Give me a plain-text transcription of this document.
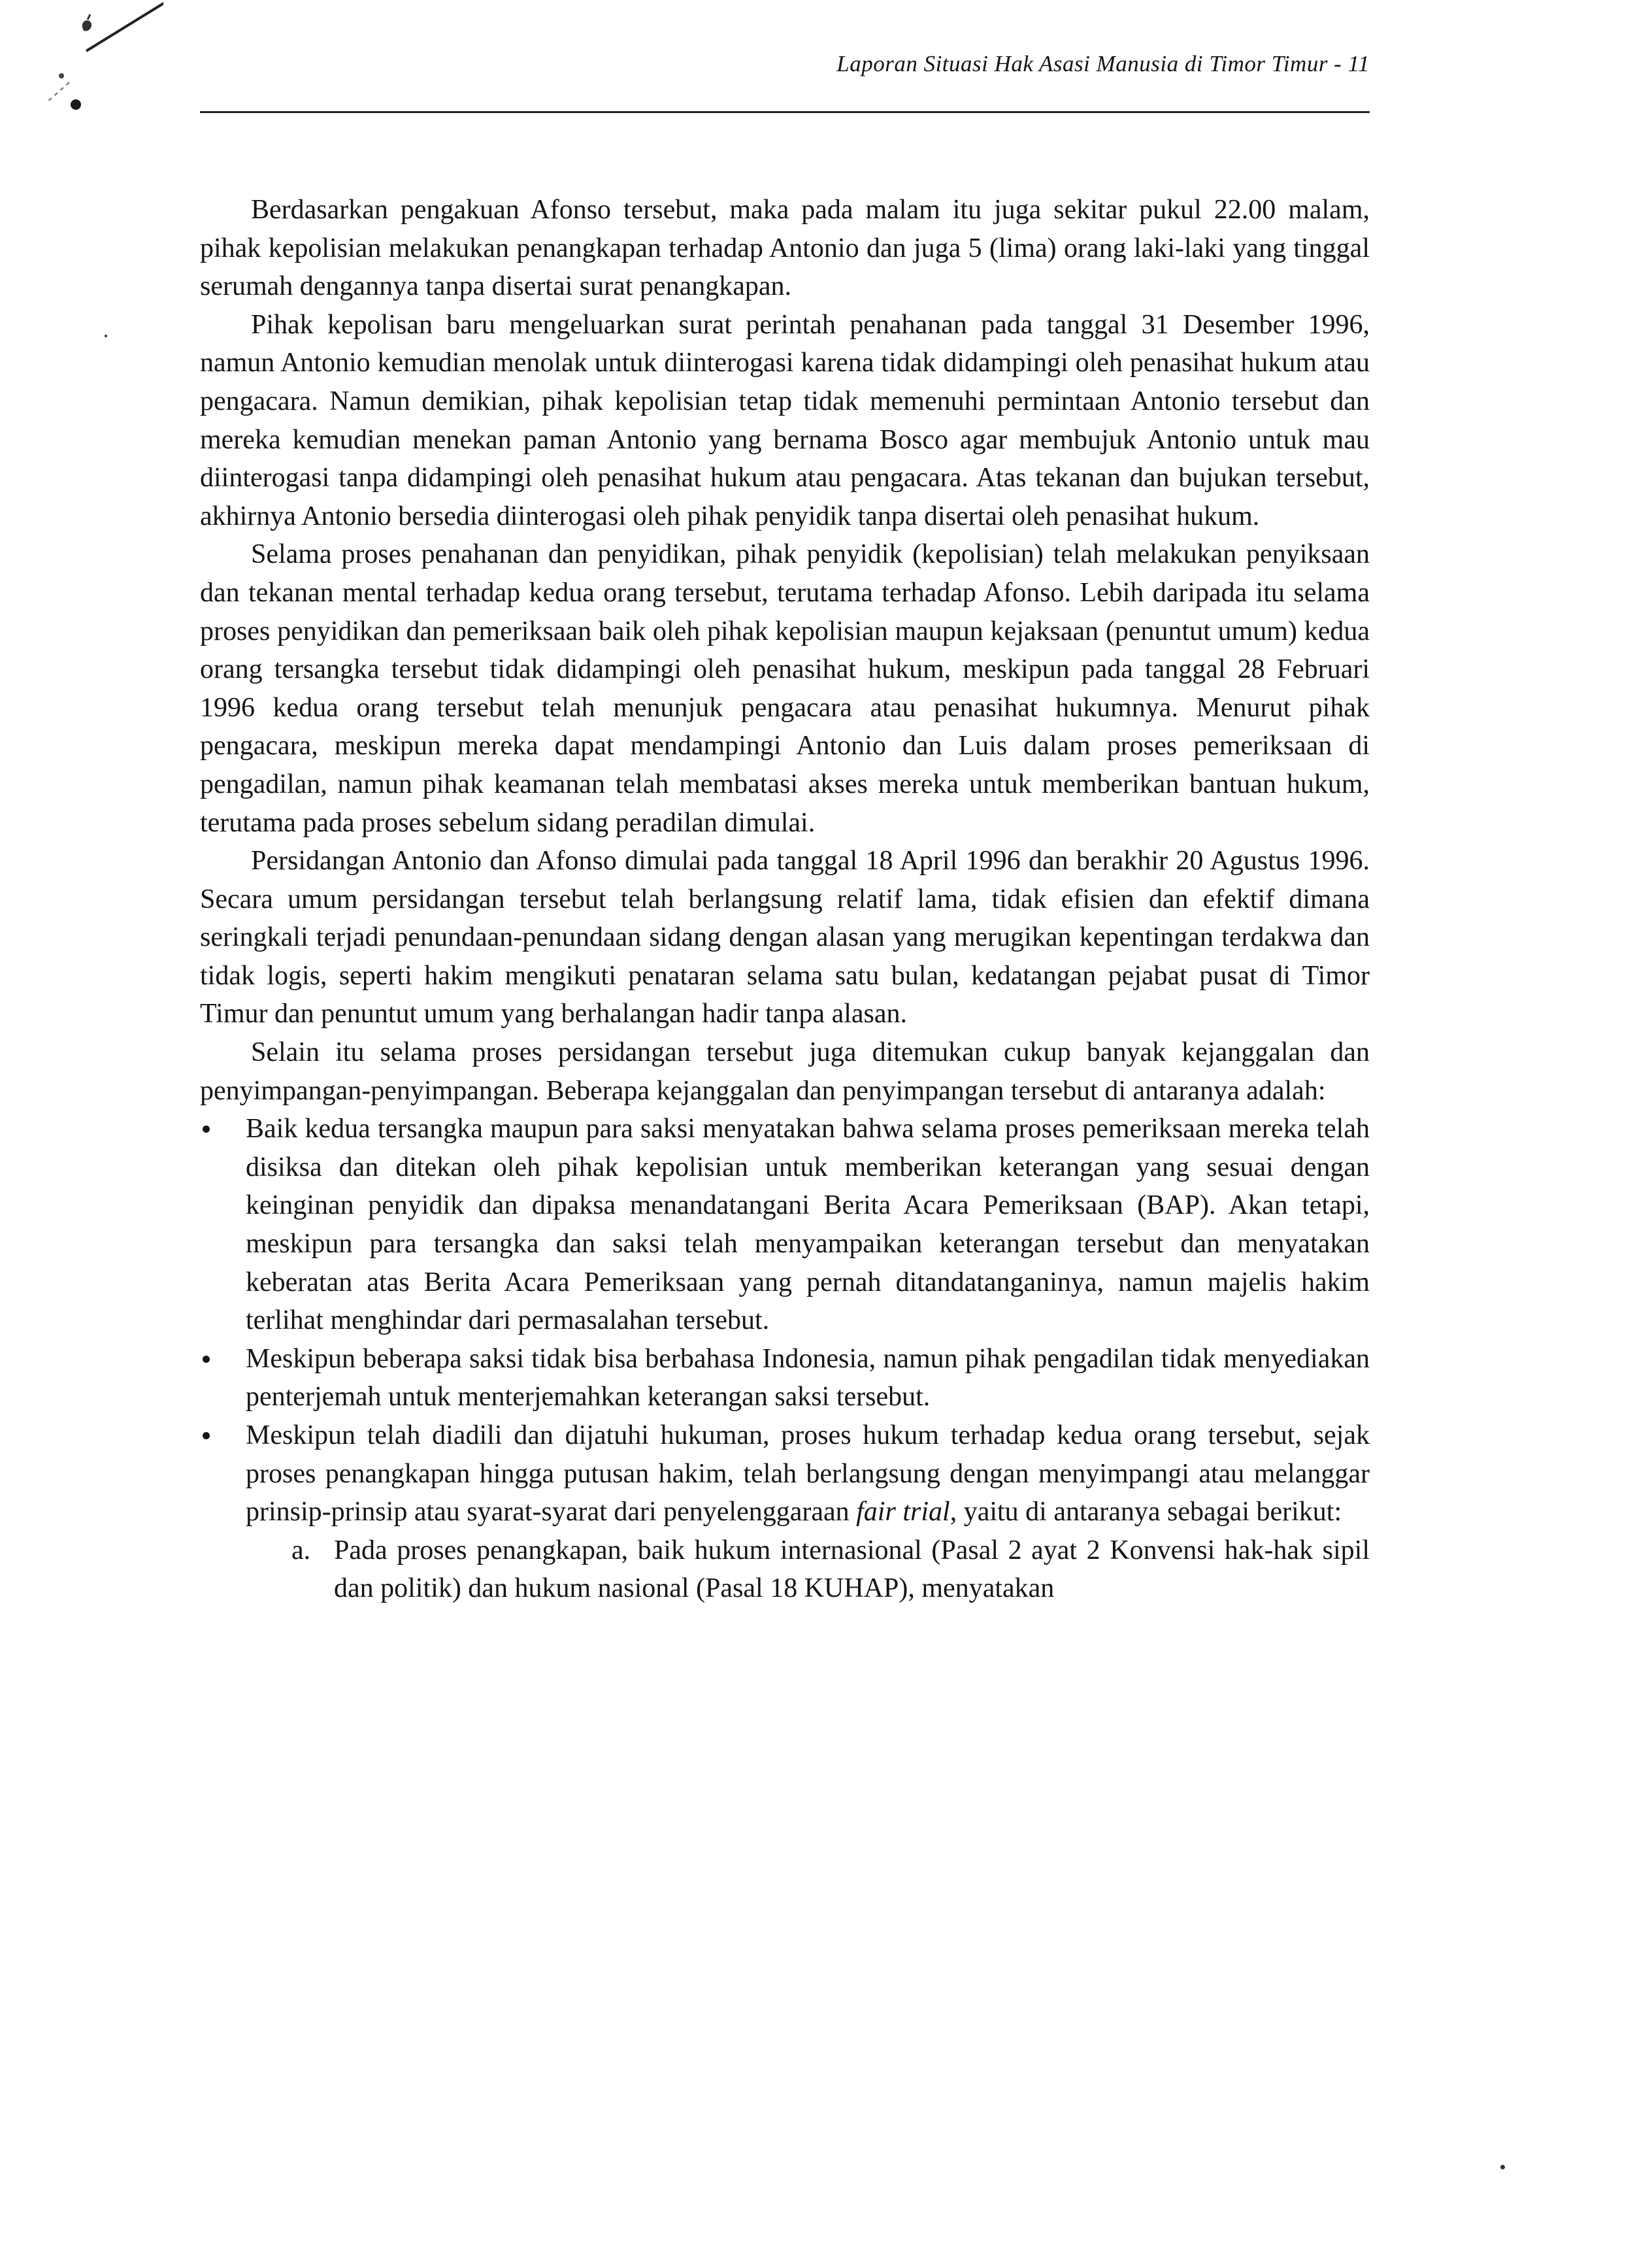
Laporan Situasi Hak Asasi Manusia di Timor Timur - 11

Berdasarkan pengakuan Afonso tersebut, maka pada malam itu juga sekitar pukul 22.00 malam, pihak kepolisian melakukan penangkapan terhadap Antonio dan juga 5 (lima) orang laki-laki yang tinggal serumah dengannya tanpa disertai surat penangkapan.

Pihak kepolisan baru mengeluarkan surat perintah penahanan pada tanggal 31 Desember 1996, namun Antonio kemudian menolak untuk diinterogasi karena tidak didampingi oleh penasihat hukum atau pengacara. Namun demikian, pihak kepolisian tetap tidak memenuhi permintaan Antonio tersebut dan mereka kemudian menekan paman Antonio yang bernama Bosco agar membujuk Antonio untuk mau diinterogasi tanpa didampingi oleh penasihat hukum atau pengacara. Atas tekanan dan bujukan tersebut, akhirnya Antonio bersedia diinterogasi oleh pihak penyidik tanpa disertai oleh penasihat hukum.

Selama proses penahanan dan penyidikan, pihak penyidik (kepolisian) telah melakukan penyiksaan dan tekanan mental terhadap kedua orang tersebut, terutama terhadap Afonso. Lebih daripada itu selama proses penyidikan dan pemeriksaan baik oleh pihak kepolisian maupun kejaksaan (penuntut umum) kedua orang tersangka tersebut tidak didampingi oleh penasihat hukum, meskipun pada tanggal 28 Februari 1996 kedua orang tersebut telah menunjuk pengacara atau penasihat hukumnya. Menurut pihak pengacara, meskipun mereka dapat mendampingi Antonio dan Luis dalam proses pemeriksaan di pengadilan, namun pihak keamanan telah membatasi akses mereka untuk memberikan bantuan hukum, terutama pada proses sebelum sidang peradilan dimulai.

Persidangan Antonio dan Afonso dimulai pada tanggal 18 April 1996 dan berakhir 20 Agustus 1996. Secara umum persidangan tersebut telah berlangsung relatif lama, tidak efisien dan efektif dimana seringkali terjadi penundaan-penundaan sidang dengan alasan yang merugikan kepentingan terdakwa dan tidak logis, seperti hakim mengikuti penataran selama satu bulan, kedatangan pejabat pusat di Timor Timur dan penuntut umum yang berhalangan hadir tanpa alasan.

Selain itu selama proses persidangan tersebut juga ditemukan cukup banyak kejanggalan dan penyimpangan-penyimpangan. Beberapa kejanggalan dan penyimpangan tersebut di antaranya adalah:

Baik kedua tersangka maupun para saksi menyatakan bahwa selama proses pemeriksaan mereka telah disiksa dan ditekan oleh pihak kepolisian untuk memberikan keterangan yang sesuai dengan keinginan penyidik dan dipaksa menandatangani Berita Acara Pemeriksaan (BAP). Akan tetapi, meskipun para tersangka dan saksi telah menyampaikan keterangan tersebut dan menyatakan keberatan atas Berita Acara Pemeriksaan yang pernah ditandatanganinya, namun majelis hakim terlihat menghindar dari permasalahan tersebut.
Meskipun beberapa saksi tidak bisa berbahasa Indonesia, namun pihak pengadilan tidak menyediakan penterjemah untuk menterjemahkan keterangan saksi tersebut.
Meskipun telah diadili dan dijatuhi hukuman, proses hukum terhadap kedua orang tersebut, sejak proses penangkapan hingga putusan hakim, telah berlangsung dengan menyimpangi atau melanggar prinsip-prinsip atau syarat-syarat dari penyelenggaraan fair trial, yaitu di antaranya sebagai berikut:
a. Pada proses penangkapan, baik hukum internasional (Pasal 2 ayat 2 Konvensi hak-hak sipil dan politik) dan hukum nasional (Pasal 18 KUHAP), menyatakan
